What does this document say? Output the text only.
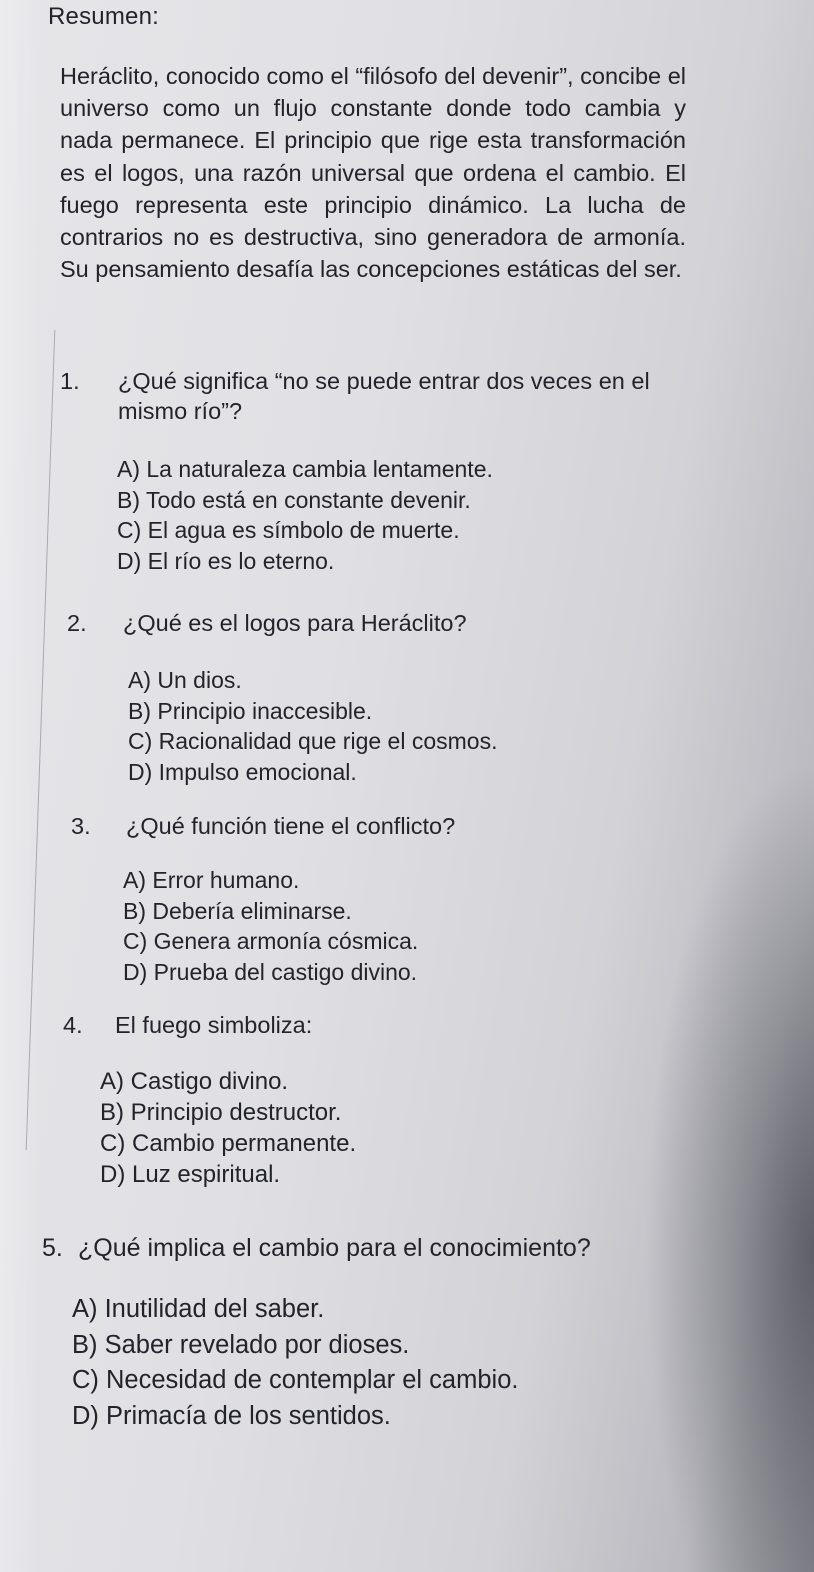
Resumen:

Heráclito, conocido como el “filósofo del devenir”, concibe el universo como un flujo constante donde todo cambia y nada permanece. El principio que rige esta transformación es el logos, una razón universal que ordena el cambio. El fuego representa este principio dinámico. La lucha de contrarios no es destructiva, sino generadora de armonía. Su pensamiento desafía las concepciones estáticas del ser.

1. ¿Qué significa “no se puede entrar dos veces en el
mismo río”?
A) La naturaleza cambia lentamente.
B) Todo está en constante devenir.
C) El agua es símbolo de muerte.
D) El río es lo eterno.
2. ¿Qué es el logos para Heráclito?
A) Un dios.
B) Principio inaccesible.
C) Racionalidad que rige el cosmos.
D) Impulso emocional.
3. ¿Qué función tiene el conflicto?
A) Error humano.
B) Debería eliminarse.
C) Genera armonía cósmica.
D) Prueba del castigo divino.
4. El fuego simboliza:
A) Castigo divino.
B) Principio destructor.
C) Cambio permanente.
D) Luz espiritual.
5. ¿Qué implica el cambio para el conocimiento?
A) Inutilidad del saber.
B) Saber revelado por dioses.
C) Necesidad de contemplar el cambio.
D) Primacía de los sentidos.
